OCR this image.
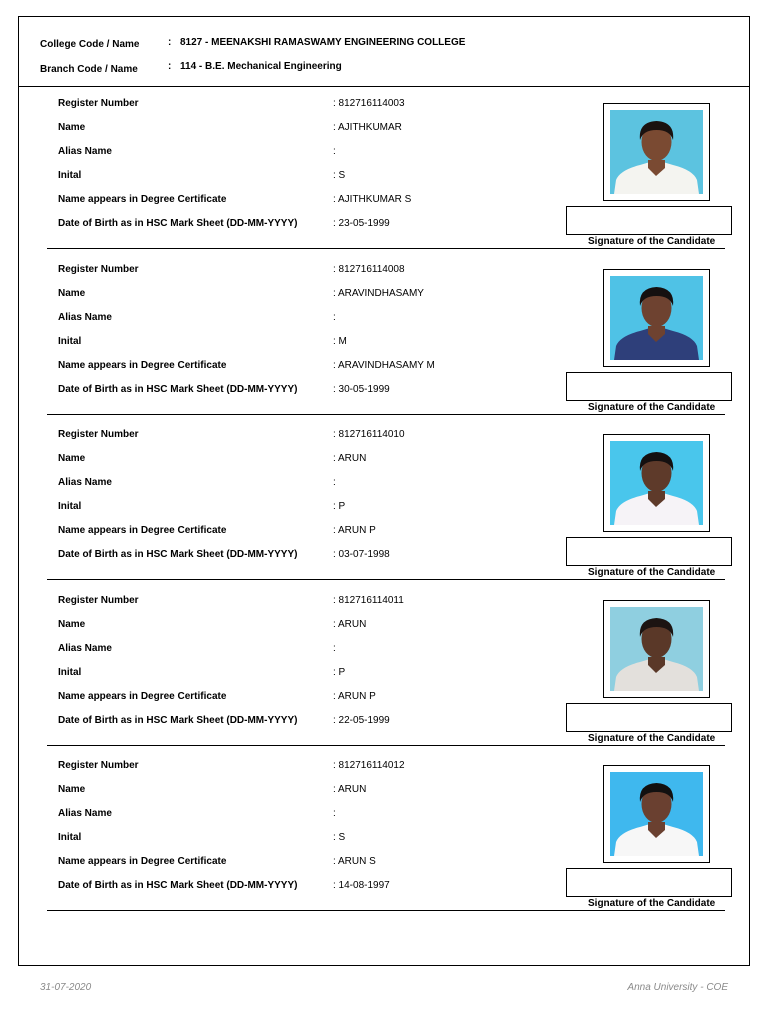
College Code / Name	: 8127 - MEENAKSHI RAMASWAMY ENGINEERING COLLEGE
Branch Code / Name	: 114 - B.E. Mechanical Engineering
Register Number	: 812716114003
Name	: AJITHKUMAR
Alias Name	:
Inital	: S
Name appears in Degree Certificate	: AJITHKUMAR S
Date of Birth as in HSC Mark Sheet (DD-MM-YYYY)	: 23-05-1999
Signature of the Candidate
Register Number	: 812716114008
Name	: ARAVINDHASAMY
Alias Name	:
Inital	: M
Name appears in Degree Certificate	: ARAVINDHASAMY M
Date of Birth as in HSC Mark Sheet (DD-MM-YYYY)	: 30-05-1999
Signature of the Candidate
Register Number	: 812716114010
Name	: ARUN
Alias Name	:
Inital	: P
Name appears in Degree Certificate	: ARUN P
Date of Birth as in HSC Mark Sheet (DD-MM-YYYY)	: 03-07-1998
Signature of the Candidate
Register Number	: 812716114011
Name	: ARUN
Alias Name	:
Inital	: P
Name appears in Degree Certificate	: ARUN P
Date of Birth as in HSC Mark Sheet (DD-MM-YYYY)	: 22-05-1999
Signature of the Candidate
Register Number	: 812716114012
Name	: ARUN
Alias Name	:
Inital	: S
Name appears in Degree Certificate	: ARUN S
Date of Birth as in HSC Mark Sheet (DD-MM-YYYY)	: 14-08-1997
Signature of the Candidate
31-07-2020	Anna University - COE
